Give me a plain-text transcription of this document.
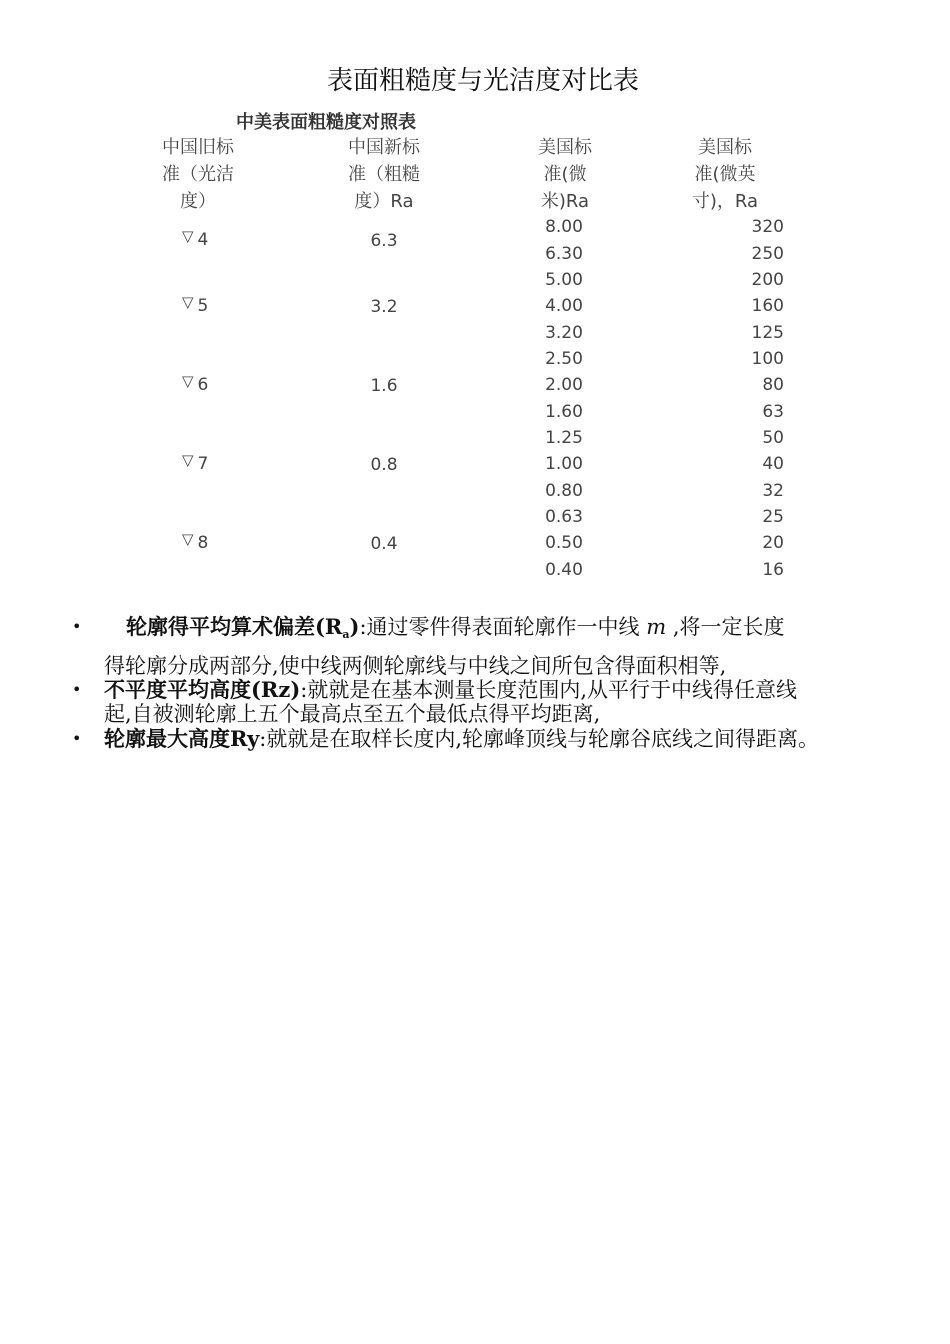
表面粗糙度与光洁度对比表
中美表面粗糙度对照表
中国旧标
准（光洁
度）
中国新标
准（粗糙
度）Ra
美国标
准(微
米)Ra
美国标
准(微英
寸)，Ra
▽ 4
▽ 5
▽ 6
▽ 7
▽ 8
6.3
3.2
1.6
0.8
0.4
8.00
6.30
5.00
4.00
3.20
2.50
2.00
1.60
1.25
1.00
0.80
0.63
0.50
0.40
320
250
200
160
125
100
80
63
50
40
32
25
20
16
• 轮廓得平均算术偏差(Ra):通过零件得表面轮廓作一中线 m ,将一定长度
得轮廓分成两部分,使中线两侧轮廓线与中线之间所包含得面积相等,
• 不平度平均高度(Rz):就就是在基本测量长度范围内,从平行于中线得任意线
起,自被测轮廓上五个最高点至五个最低点得平均距离,
• 轮廓最大高度Ry:就就是在取样长度内,轮廓峰顶线与轮廓谷底线之间得距离。
